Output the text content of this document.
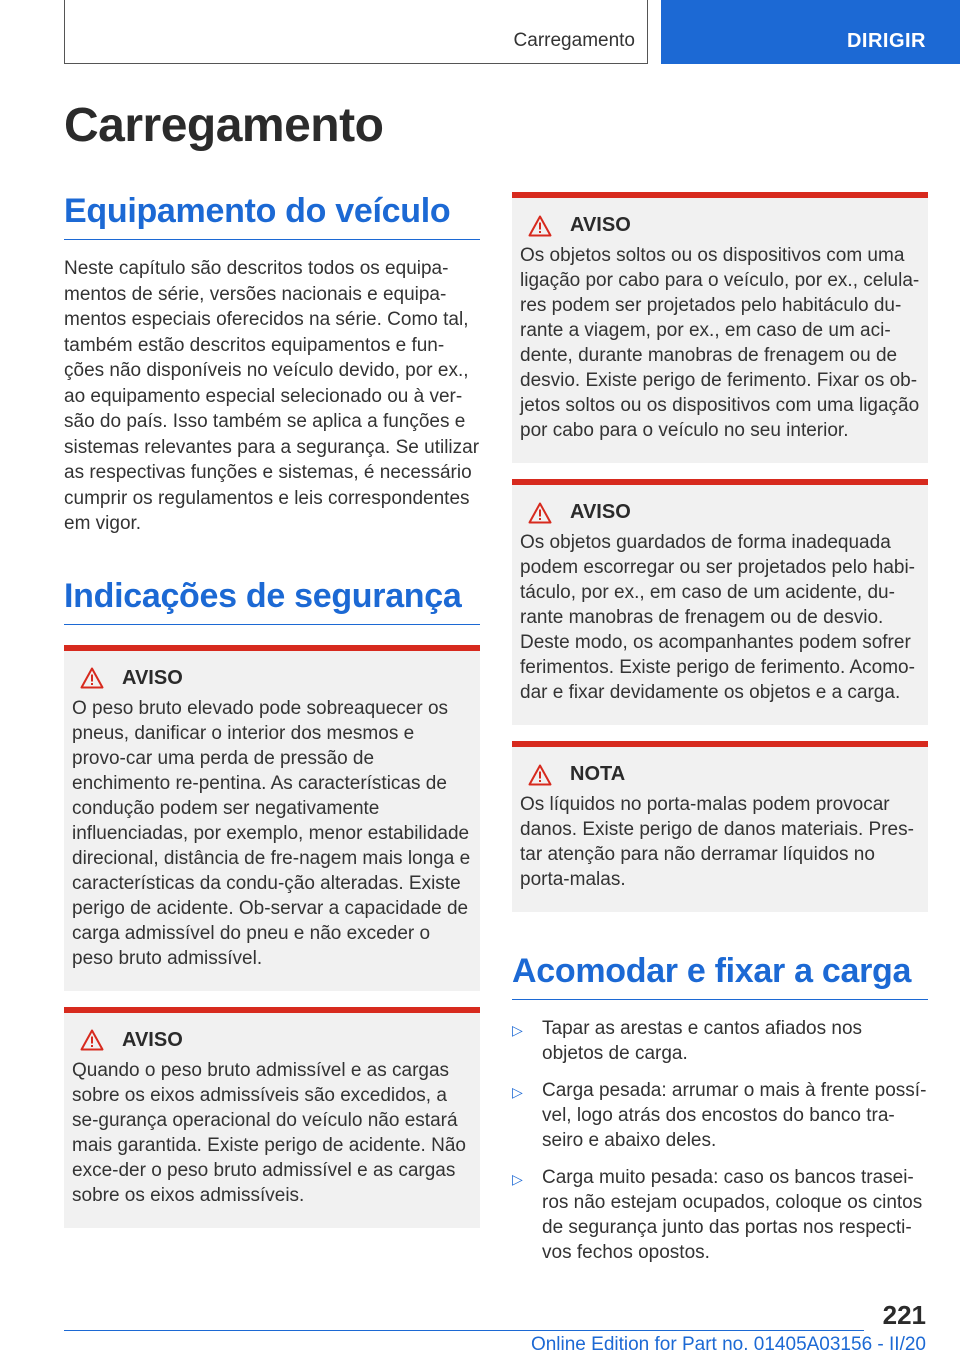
Carregamento	DIRIGIR
Carregamento
Equipamento do veículo

Neste capítulo são descritos todos os equipa-mentos de série, versões nacionais e equipa-mentos especiais oferecidos na série. Como tal, também estão descritos equipamentos e fun-ções não disponíveis no veículo devido, por ex., ao equipamento especial selecionado ou à ver-são do país. Isso também se aplica a funções e sistemas relevantes para a segurança. Se utilizar as respectivas funções e sistemas, é necessário cumprir os regulamentos e leis correspondentes em vigor.

Indicações de segurança
AVISO
O peso bruto elevado pode sobreaquecer os pneus, danificar o interior dos mesmos e provo-car uma perda de pressão de enchimento re-pentina. As características de condução podem ser negativamente influenciadas, por exemplo, menor estabilidade direcional, distância de fre-nagem mais longa e características da condu-ção alteradas. Existe perigo de acidente. Ob-servar a capacidade de carga admissível do pneu e não exceder o peso bruto admissível.
AVISO
Quando o peso bruto admissível e as cargas sobre os eixos admissíveis são excedidos, a se-gurança operacional do veículo não estará mais garantida. Existe perigo de acidente. Não exce-der o peso bruto admissível e as cargas sobre os eixos admissíveis.
AVISO
Os objetos soltos ou os dispositivos com uma ligação por cabo para o veículo, por ex., celula-res podem ser projetados pelo habitáculo du-rante a viagem, por ex., em caso de um aci-dente, durante manobras de frenagem ou de desvio. Existe perigo de ferimento. Fixar os ob-jetos soltos ou os dispositivos com uma ligação por cabo para o veículo no seu interior.
AVISO
Os objetos guardados de forma inadequada podem escorregar ou ser projetados pelo habi-táculo, por ex., em caso de um acidente, du-rante manobras de frenagem ou de desvio. Deste modo, os acompanhantes podem sofrer ferimentos. Existe perigo de ferimento. Acomo-dar e fixar devidamente os objetos e a carga.
NOTA
Os líquidos no porta-malas podem provocar danos. Existe perigo de danos materiais. Pres-tar atenção para não derramar líquidos no porta-malas.
Acomodar e fixar a carga
▷	Tapar as arestas e cantos afiados nos objetos de carga.
▷	Carga pesada: arrumar o mais à frente possí-vel, logo atrás dos encostos do banco tra-seiro e abaixo deles.
▷	Carga muito pesada: caso os bancos trasei-ros não estejam ocupados, coloque os cintos de segurança junto das portas nos respecti-vos fechos opostos.
221
Online Edition for Part no. 01405A03156 - II/20
